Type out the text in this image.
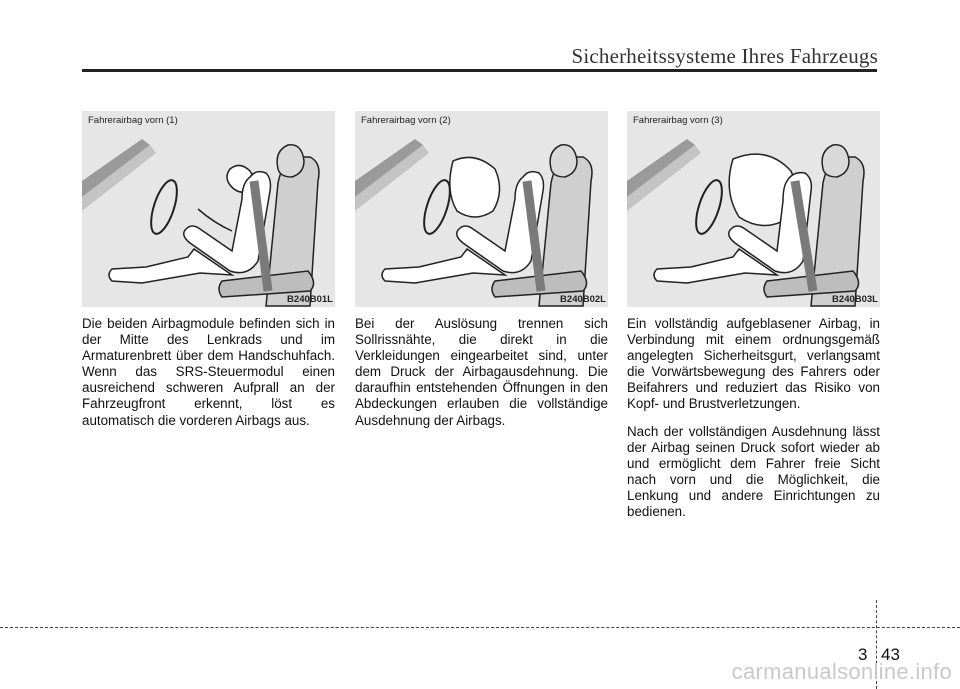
Sicherheitssysteme Ihres Fahrzeugs
Fahrerairbag vorn (1)
B240B01L

Die beiden Airbagmodule befinden sich in der Mitte des Lenkrads und im Armaturenbrett über dem Handschuhfach. Wenn das SRS-Steuermodul einen ausreichend schweren Aufprall an der Fahrzeugfront erkennt, löst es automatisch die vorderen Airbags aus.

Fahrerairbag vorn (2)
B240B02L

Bei der Auslösung trennen sich Sollrissnähte, die direkt in die Verkleidungen eingearbeitet sind, unter dem Druck der Airbagausdehnung. Die daraufhin entstehenden Öffnungen in den Abdeckungen erlauben die vollständige Ausdehnung der Airbags.

Fahrerairbag vorn (3)
B240B03L

Ein vollständig aufgeblasener Airbag, in Verbindung mit einem ordnungsgemäß angelegten Sicherheitsgurt, verlangsamt die Vorwärtsbewegung des Fahrers oder Beifahrers und reduziert das Risiko von Kopf- und Brustverletzungen.

Nach der vollständigen Ausdehnung lässt der Airbag seinen Druck sofort wieder ab und ermöglicht dem Fahrer freie Sicht nach vorn und die Möglichkeit, die Lenkung und andere Einrichtungen zu bedienen.

3 43
carmanualsonline.info
